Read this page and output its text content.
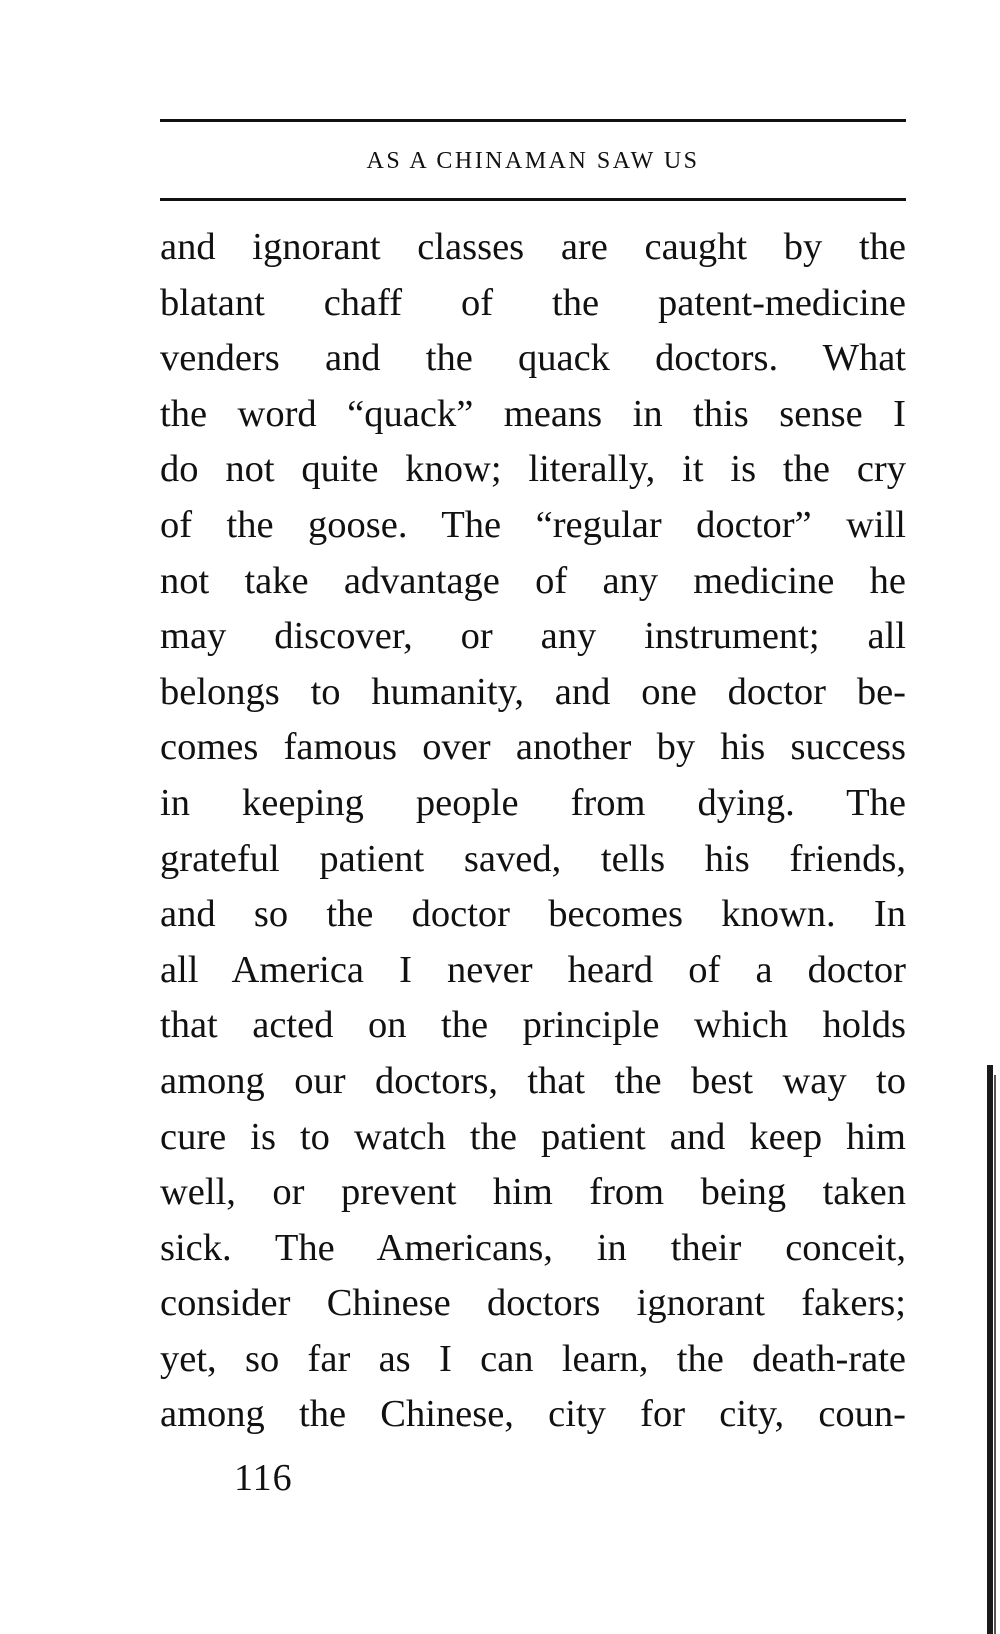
AS A CHINAMAN SAW US
and ignorant classes are caught by the
blatant chaff of the patent-medicine
venders and the quack doctors. What
the word “quack” means in this sense I
do not quite know; literally, it is the cry
of the goose. The “regular doctor” will
not take advantage of any medicine he
may discover, or any instrument; all
belongs to humanity, and one doctor be-
comes famous over another by his success
in keeping people from dying. The
grateful patient saved, tells his friends,
and so the doctor becomes known. In
all America I never heard of a doctor
that acted on the principle which holds
among our doctors, that the best way to
cure is to watch the patient and keep him
well, or prevent him from being taken
sick. The Americans, in their conceit,
consider Chinese doctors ignorant fakers;
yet, so far as I can learn, the death-rate
among the Chinese, city for city, coun-
116
